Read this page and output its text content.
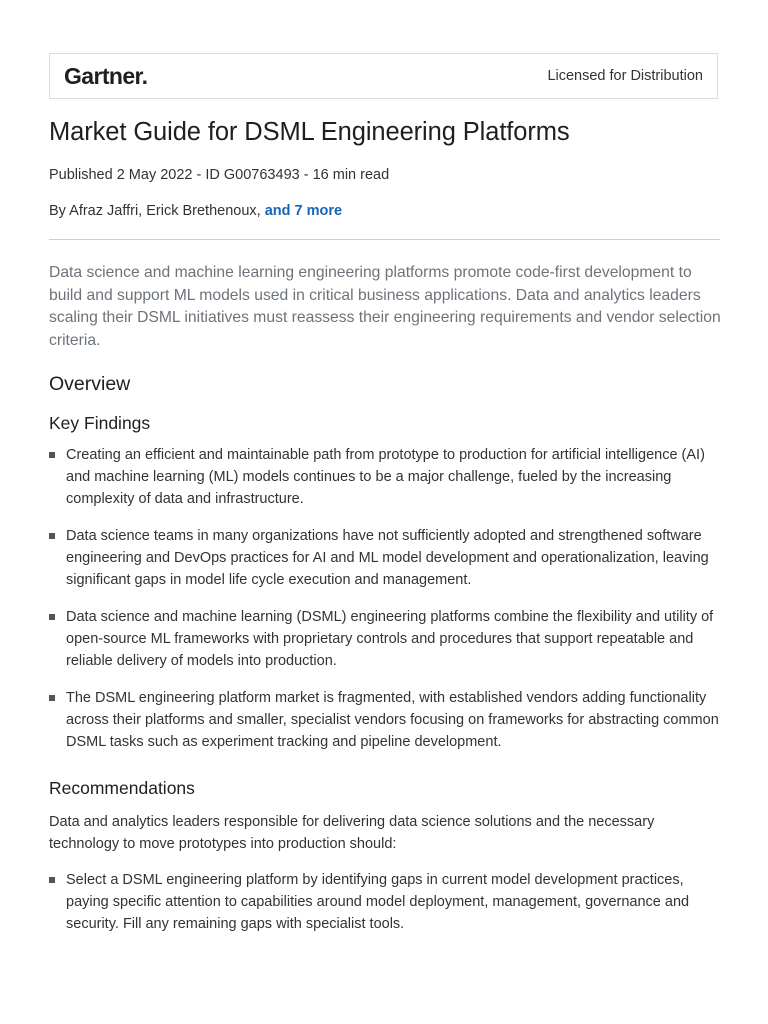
Gartner.	Licensed for Distribution
Market Guide for DSML Engineering Platforms
Published 2 May 2022 - ID G00763493 - 16 min read
By Afraz Jaffri, Erick Brethenoux, and 7 more

Data science and machine learning engineering platforms promote code-first development to build and support ML models used in critical business applications. Data and analytics leaders scaling their DSML initiatives must reassess their engineering requirements and vendor selection criteria.

Overview
Key Findings
Creating an efficient and maintainable path from prototype to production for artificial intelligence (AI) and machine learning (ML) models continues to be a major challenge, fueled by the increasing complexity of data and infrastructure.
Data science teams in many organizations have not sufficiently adopted and strengthened software engineering and DevOps practices for AI and ML model development and operationalization, leaving significant gaps in model life cycle execution and management.
Data science and machine learning (DSML) engineering platforms combine the flexibility and utility of open-source ML frameworks with proprietary controls and procedures that support repeatable and reliable delivery of models into production.
The DSML engineering platform market is fragmented, with established vendors adding functionality across their platforms and smaller, specialist vendors focusing on frameworks for abstracting common DSML tasks such as experiment tracking and pipeline development.
Recommendations

Data and analytics leaders responsible for delivering data science solutions and the necessary technology to move prototypes into production should:

Select a DSML engineering platform by identifying gaps in current model development practices, paying specific attention to capabilities around model deployment, management, governance and security. Fill any remaining gaps with specialist tools.
